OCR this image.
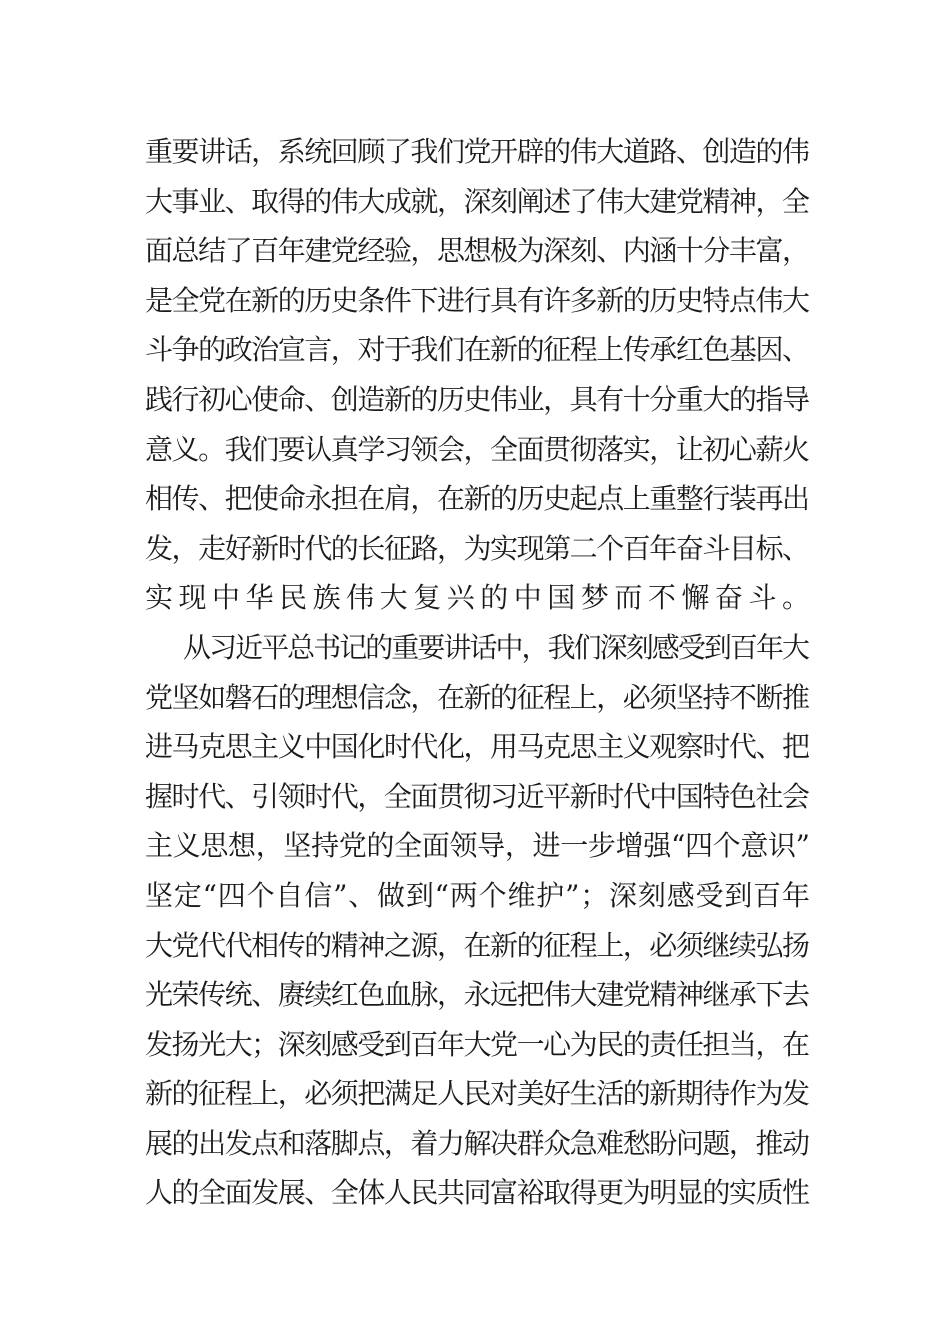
重要讲话，系统回顾了我们党开辟的伟大道路、创造的伟
大事业、取得的伟大成就，深刻阐述了伟大建党精神，全
面总结了百年建党经验，思想极为深刻、内涵十分丰富，
是全党在新的历史条件下进行具有许多新的历史特点伟大
斗争的政治宣言，对于我们在新的征程上传承红色基因、
践行初心使命、创造新的历史伟业，具有十分重大的指导
意义。我们要认真学习领会，全面贯彻落实，让初心薪火
相传、把使命永担在肩，在新的历史起点上重整行装再出
发，走好新时代的长征路，为实现第二个百年奋斗目标、
实现中华民族伟大复兴的中国梦而不懈奋斗。
从习近平总书记的重要讲话中，我们深刻感受到百年大
党坚如磐石的理想信念，在新的征程上，必须坚持不断推
进马克思主义中国化时代化，用马克思主义观察时代、把
握时代、引领时代，全面贯彻习近平新时代中国特色社会
主义思想，坚持党的全面领导，进一步增强“四个意识”
坚定“四个自信”、做到“两个维护”；深刻感受到百年
大党代代相传的精神之源，在新的征程上，必须继续弘扬
光荣传统、赓续红色血脉，永远把伟大建党精神继承下去
发扬光大；深刻感受到百年大党一心为民的责任担当，在
新的征程上，必须把满足人民对美好生活的新期待作为发
展的出发点和落脚点，着力解决群众急难愁盼问题，推动
人的全面发展、全体人民共同富裕取得更为明显的实质性
